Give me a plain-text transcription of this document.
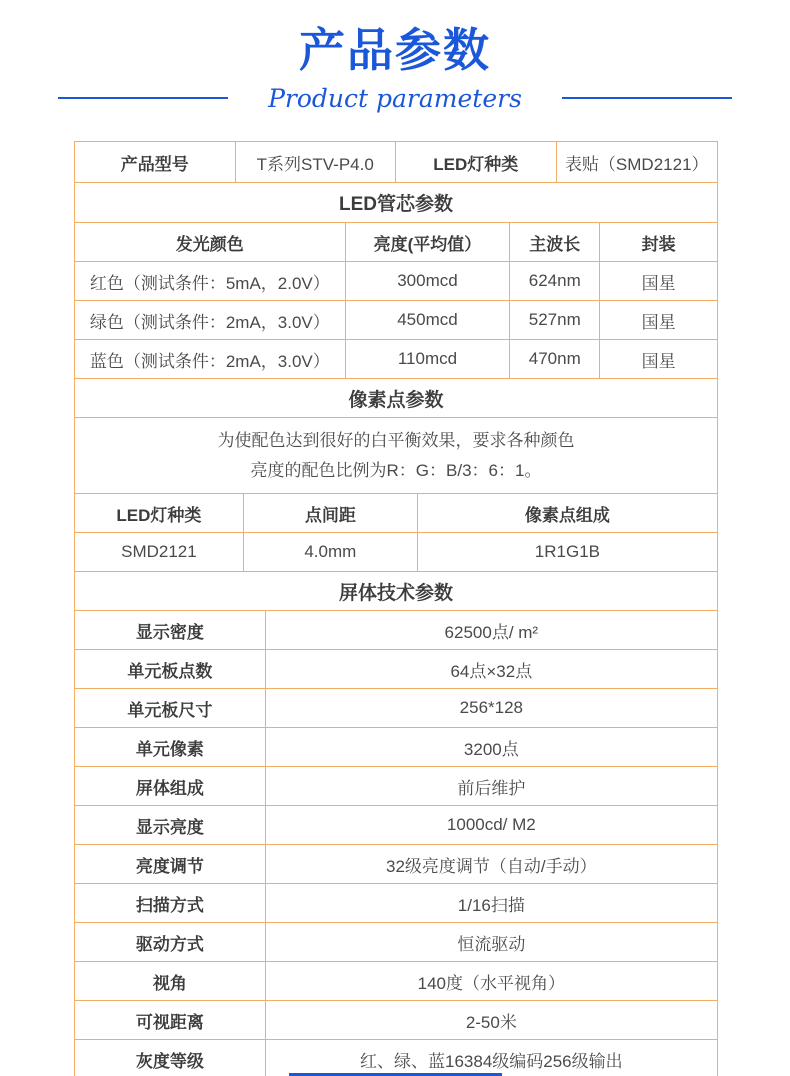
产品参数
Product parameters
产品型号	T系列STV-P4.0	LED灯种类	表贴（SMD2121）
LED管芯参数
发光颜色	亮度(平均值）	主波长	封装
红色（测试条件：5mA，2.0V）	300mcd	624nm	国星
绿色（测试条件：2mA，3.0V）	450mcd	527nm	国星
蓝色（测试条件：2mA，3.0V）	110mcd	470nm	国星
像素点参数
为使配色达到很好的白平衡效果，要求各种颜色
亮度的配色比例为R：G：B/3：6：1。
LED灯种类	点间距	像素点组成
SMD2121	4.0mm	1R1G1B
屏体技术参数
显示密度	62500点/ m²
单元板点数	64点×32点
单元板尺寸	256*128
单元像素	3200点
屏体组成	前后维护
显示亮度	1000cd/ M2
亮度调节	32级亮度调节（自动/手动）
扫描方式	1/16扫描
驱动方式	恒流驱动
视角	140度（水平视角）
可视距离	2-50米
灰度等级	红、绿、蓝16384级编码256级输出
